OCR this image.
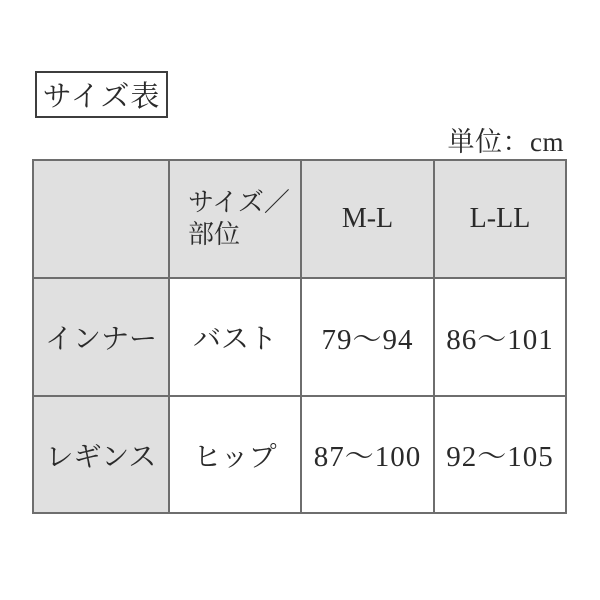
サイズ表
単位：cm

	サイズ／
部位	M-L	L-LL
インナー	バスト	79〜94	86〜101
レギンス	ヒップ	87〜100	92〜105
